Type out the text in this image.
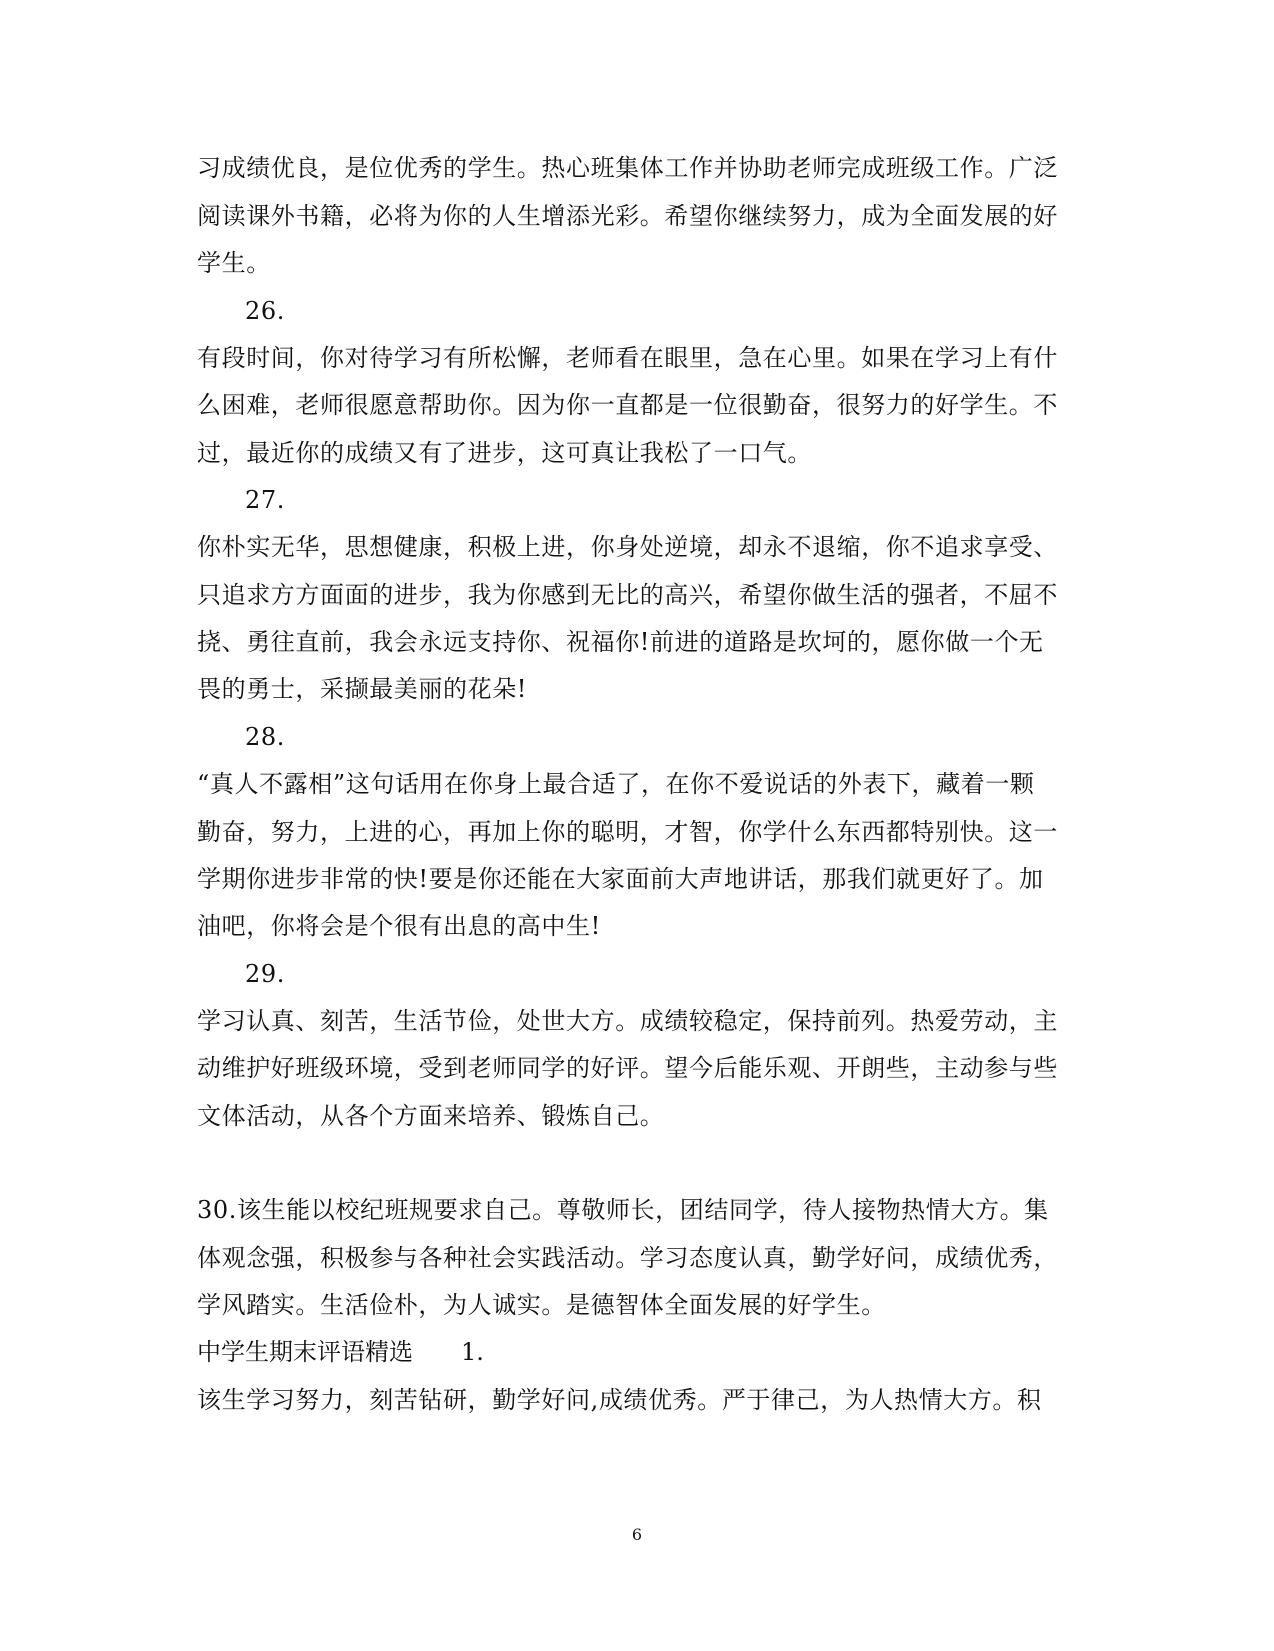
习成绩优良，是位优秀的学生。热心班集体工作并协助老师完成班级工作。广泛
阅读课外书籍，必将为你的人生增添光彩。希望你继续努力，成为全面发展的好
学生。
26.
有段时间，你对待学习有所松懈，老师看在眼里，急在心里。如果在学习上有什
么困难，老师很愿意帮助你。因为你一直都是一位很勤奋，很努力的好学生。不
过，最近你的成绩又有了进步，这可真让我松了一口气。
27.
你朴实无华，思想健康，积极上进，你身处逆境，却永不退缩，你不追求享受、
只追求方方面面的进步，我为你感到无比的高兴，希望你做生活的强者，不屈不
挠、勇往直前，我会永远支持你、祝福你!前进的道路是坎坷的，愿你做一个无
畏的勇士，采撷最美丽的花朵!
28.
“真人不露相”这句话用在你身上最合适了，在你不爱说话的外表下，藏着一颗
勤奋，努力，上进的心，再加上你的聪明，才智，你学什么东西都特别快。这一
学期你进步非常的快!要是你还能在大家面前大声地讲话，那我们就更好了。加
油吧，你将会是个很有出息的高中生!
29.
学习认真、刻苦，生活节俭，处世大方。成绩较稳定，保持前列。热爱劳动，主
动维护好班级环境，受到老师同学的好评。望今后能乐观、开朗些，主动参与些
文体活动，从各个方面来培养、锻炼自己。
30.该生能以校纪班规要求自己。尊敬师长，团结同学，待人接物热情大方。集
体观念强，积极参与各种社会实践活动。学习态度认真，勤学好问，成绩优秀，
学风踏实。生活俭朴，为人诚实。是德智体全面发展的好学生。
中学生期末评语精选 1.
该生学习努力，刻苦钻研，勤学好问,成绩优秀。严于律己，为人热情大方。积
6
